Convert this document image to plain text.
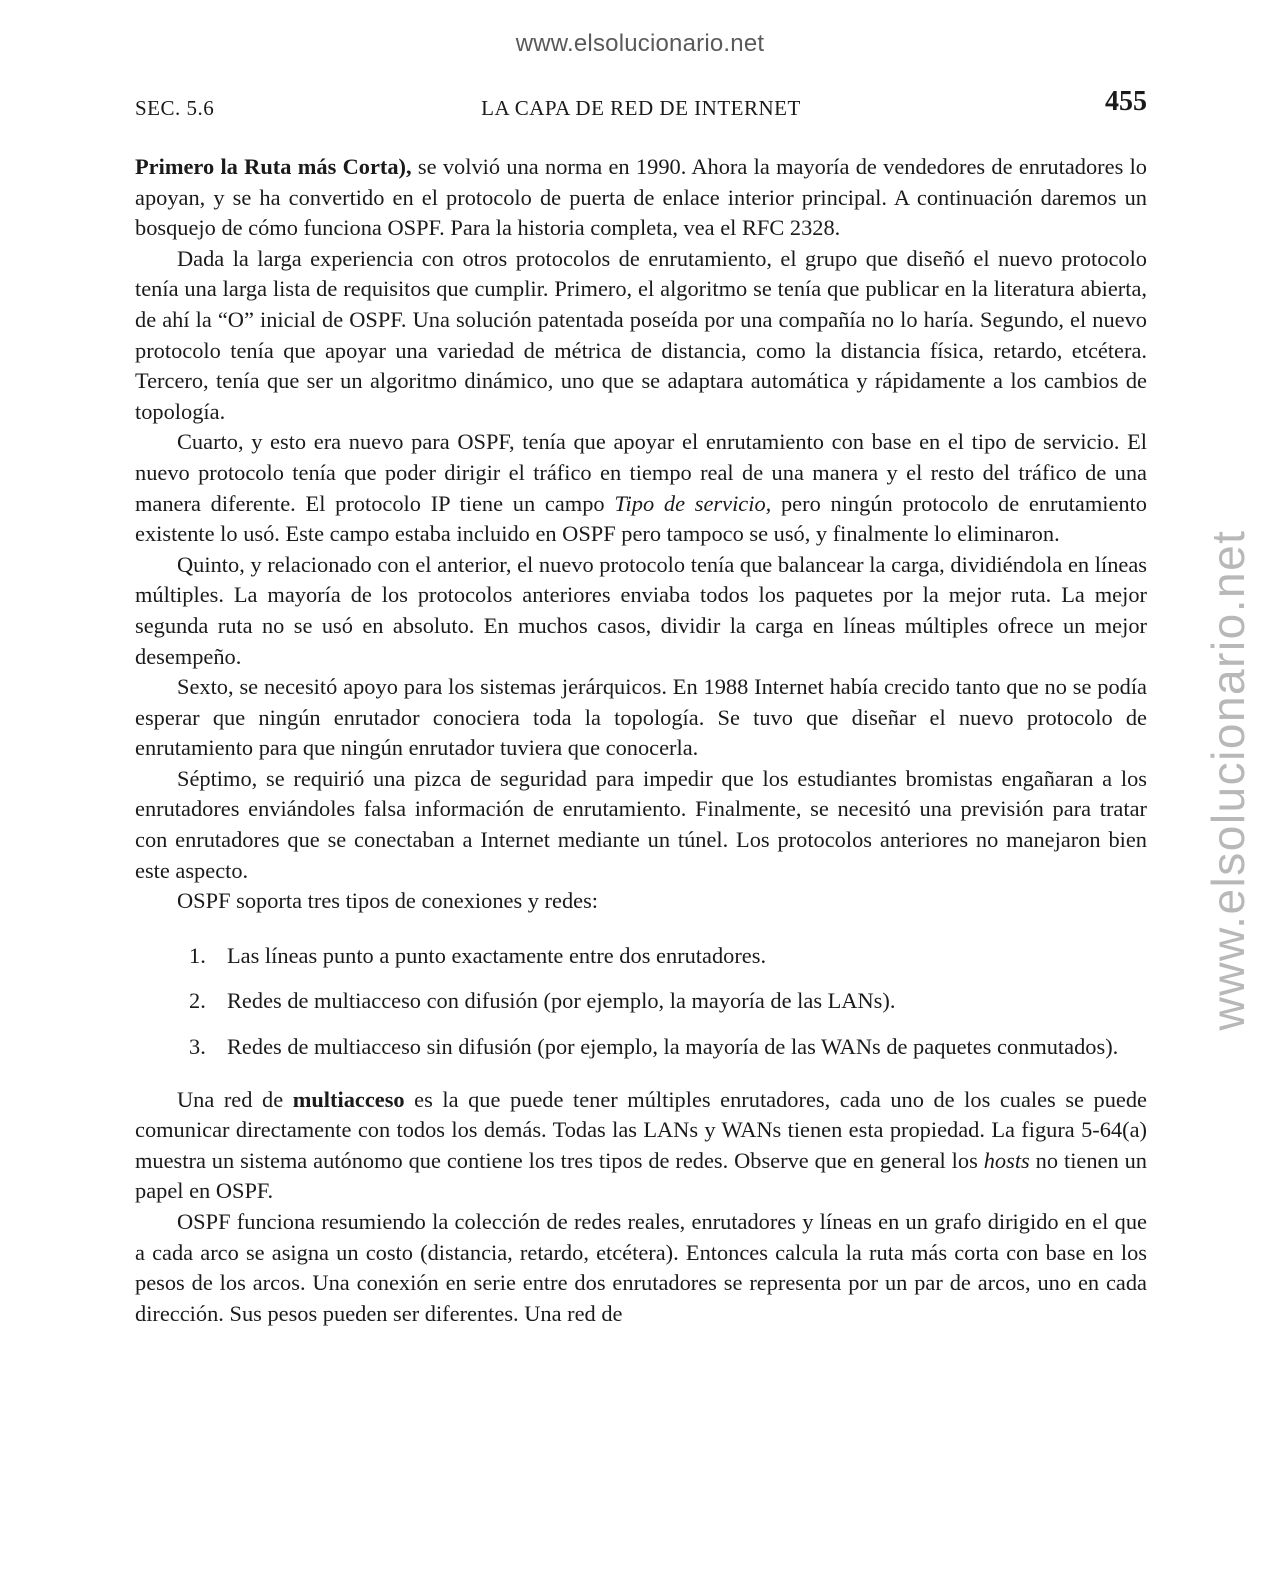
www.elsolucionario.net
www.elsolucionario.net
SEC. 5.6	LA CAPA DE RED DE INTERNET	455

Primero la Ruta más Corta), se volvió una norma en 1990. Ahora la mayoría de vendedores de enrutadores lo apoyan, y se ha convertido en el protocolo de puerta de enlace interior principal. A continuación daremos un bosquejo de cómo funciona OSPF. Para la historia completa, vea el RFC 2328.

Dada la larga experiencia con otros protocolos de enrutamiento, el grupo que diseñó el nuevo protocolo tenía una larga lista de requisitos que cumplir. Primero, el algoritmo se tenía que publicar en la literatura abierta, de ahí la “O” inicial de OSPF. Una solución patentada poseída por una compañía no lo haría. Segundo, el nuevo protocolo tenía que apoyar una variedad de métrica de distancia, como la distancia física, retardo, etcétera. Tercero, tenía que ser un algoritmo dinámico, uno que se adaptara automática y rápidamente a los cambios de topología.

Cuarto, y esto era nuevo para OSPF, tenía que apoyar el enrutamiento con base en el tipo de servicio. El nuevo protocolo tenía que poder dirigir el tráfico en tiempo real de una manera y el resto del tráfico de una manera diferente. El protocolo IP tiene un campo Tipo de servicio, pero ningún protocolo de enrutamiento existente lo usó. Este campo estaba incluido en OSPF pero tampoco se usó, y finalmente lo eliminaron.

Quinto, y relacionado con el anterior, el nuevo protocolo tenía que balancear la carga, dividiéndola en líneas múltiples. La mayoría de los protocolos anteriores enviaba todos los paquetes por la mejor ruta. La mejor segunda ruta no se usó en absoluto. En muchos casos, dividir la carga en líneas múltiples ofrece un mejor desempeño.

Sexto, se necesitó apoyo para los sistemas jerárquicos. En 1988 Internet había crecido tanto que no se podía esperar que ningún enrutador conociera toda la topología. Se tuvo que diseñar el nuevo protocolo de enrutamiento para que ningún enrutador tuviera que conocerla.

Séptimo, se requirió una pizca de seguridad para impedir que los estudiantes bromistas engañaran a los enrutadores enviándoles falsa información de enrutamiento. Finalmente, se necesitó una previsión para tratar con enrutadores que se conectaban a Internet mediante un túnel. Los protocolos anteriores no manejaron bien este aspecto.

OSPF soporta tres tipos de conexiones y redes:

1. Las líneas punto a punto exactamente entre dos enrutadores.
2. Redes de multiacceso con difusión (por ejemplo, la mayoría de las LANs).
3. Redes de multiacceso sin difusión (por ejemplo, la mayoría de las WANs de paquetes conmutados).

Una red de multiacceso es la que puede tener múltiples enrutadores, cada uno de los cuales se puede comunicar directamente con todos los demás. Todas las LANs y WANs tienen esta propiedad. La figura 5-64(a) muestra un sistema autónomo que contiene los tres tipos de redes. Observe que en general los hosts no tienen un papel en OSPF.

OSPF funciona resumiendo la colección de redes reales, enrutadores y líneas en un grafo dirigido en el que a cada arco se asigna un costo (distancia, retardo, etcétera). Entonces calcula la ruta más corta con base en los pesos de los arcos. Una conexión en serie entre dos enrutadores se representa por un par de arcos, uno en cada dirección. Sus pesos pueden ser diferentes. Una red de
